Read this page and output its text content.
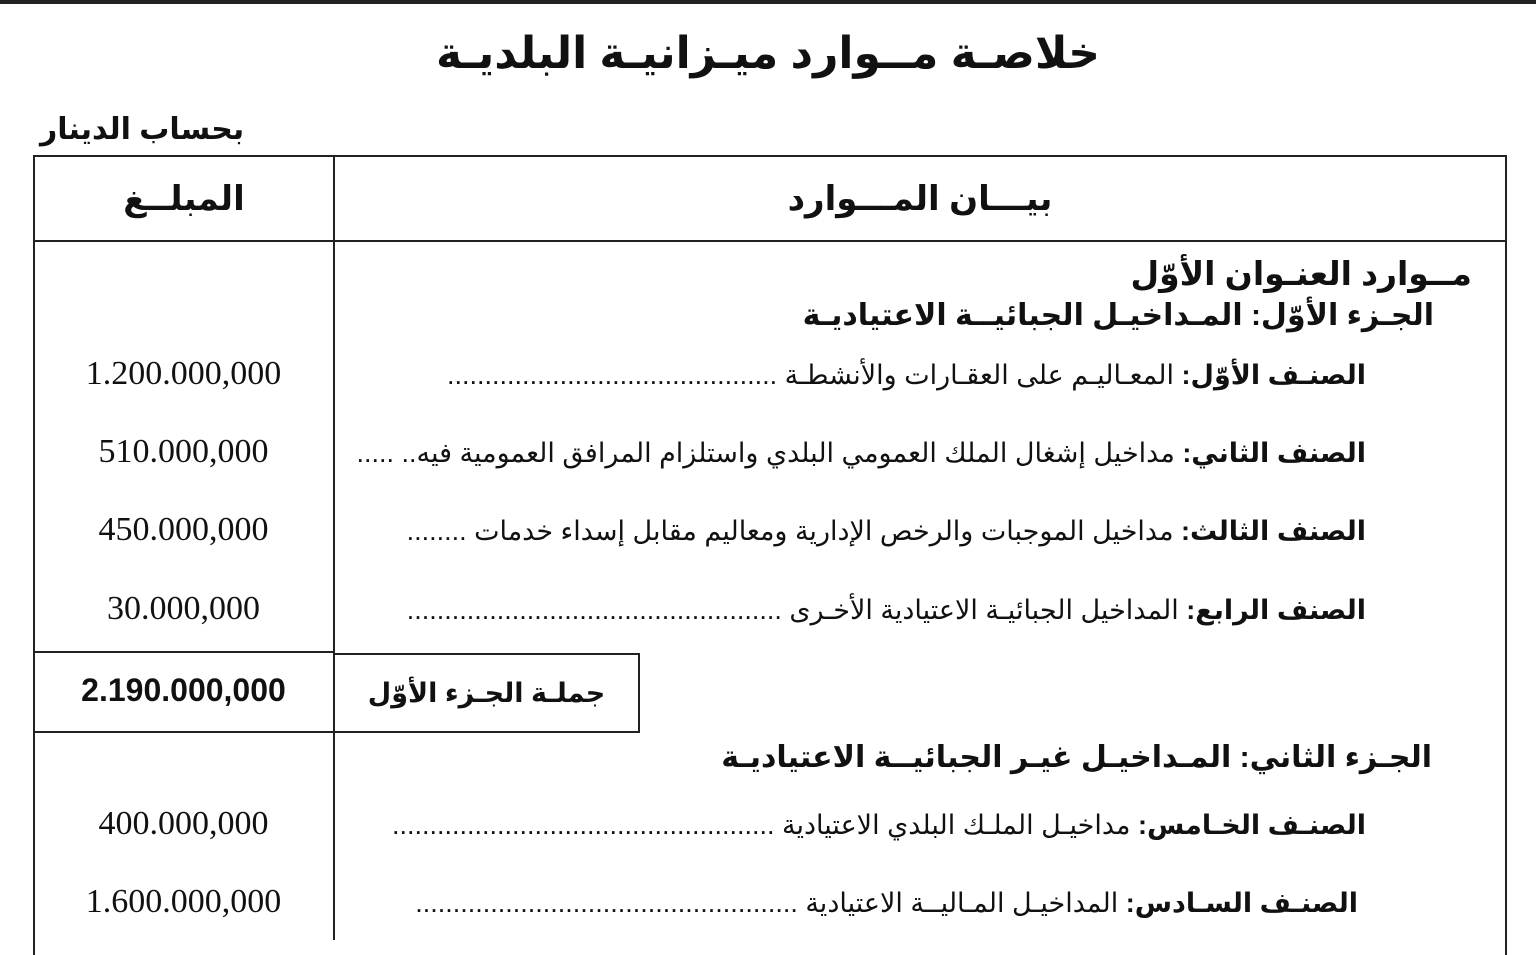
خلاصـة مــوارد ميـزانيـة البلديـة
بحساب الدينار
المبلــغ	بيـــان المـــوارد
مــوارد العنـوان الأوّل
الجـزء الأوّل: المـداخيـل الجبائيــة الاعتياديـة
الصنـف الأوّل: المعـاليـم على العقـارات والأنشطـة ............................................
1.200.000,000
الصنف الثاني: مداخيل إشغال الملك العمومي البلدي واستلزام المرافق العمومية فيه.. .....
510.000,000
الصنف الثالث: مداخيل الموجبات والرخص الإدارية ومعاليم مقابل إسداء خدمات ........
450.000,000
الصنف الرابع: المداخيل الجبائيـة الاعتيادية الأخـرى ..................................................
30.000,000
جملـة الجـزء الأوّل
2.190.000,000
الجـزء الثاني: المـداخيـل غيـر الجبائيــة الاعتياديـة
الصنـف الخـامس: مداخيـل الملـك البلدي الاعتيادية ...................................................
400.000,000
الصنـف السـادس: المداخيـل المـاليــة الاعتيادية ...................................................
1.600.000,000
